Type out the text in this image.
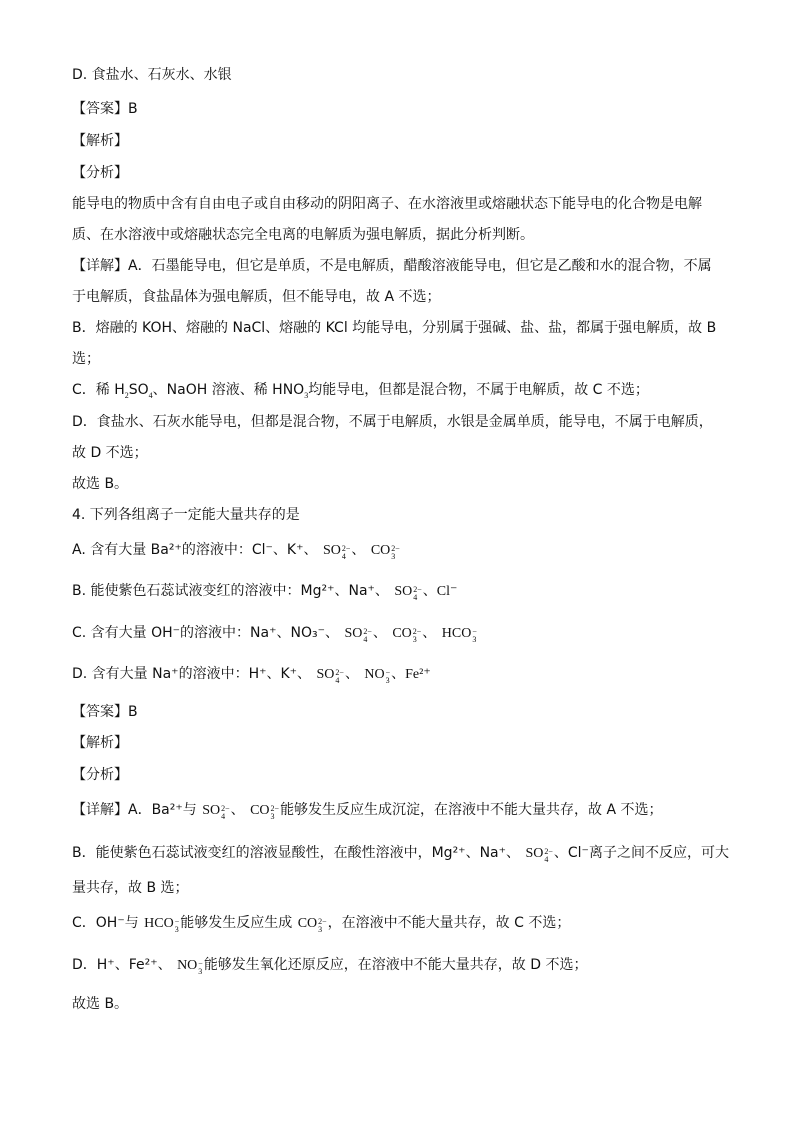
D. 食盐水、石灰水、水银
【答案】B
【解析】
【分析】
能导电的物质中含有自由电子或自由移动的阴阳离子、在水溶液里或熔融状态下能导电的化合物是电解
质、在水溶液中或熔融状态完全电离的电解质为强电解质，据此分析判断。
【详解】A．石墨能导电，但它是单质，不是电解质，醋酸溶液能导电，但它是乙酸和水的混合物，不属
于电解质，食盐晶体为强电解质，但不能导电，故 A 不选；
B．熔融的 KOH、熔融的 NaCl、熔融的 KCl 均能导电，分别属于强碱、盐、盐，都属于强电解质，故 B
选；
C．稀 $H_2SO_4$、NaOH 溶液、稀 $HNO_3$均能导电，但都是混合物，不属于电解质，故 C 不选；
D．食盐水、石灰水能导电，但都是混合物，不属于电解质，水银是金属单质，能导电，不属于电解质，
故 D 不选；
故选 B。
4. 下列各组离子一定能大量共存的是
A. 含有大量 Ba²⁺的溶液中：Cl⁻、K⁺、 SO 2−
4 、 CO 2−
3
B. 能使紫色石蕊试液变红的溶液中：Mg²⁺、Na⁺、 SO 2−
4 、Cl⁻
C. 含有大量 OH⁻的溶液中：Na⁺、NO₃⁻、 SO 2−
4 、 CO 2−
3 、 HCO −
3
D. 含有大量 Na⁺的溶液中：H⁺、K⁺、 SO 2−
4 、 NO −
3 、Fe²⁺
【答案】B
【解析】
【分析】
【详解】A．Ba²⁺与 SO 2−
4 、 CO 2−
3 能够发生反应生成沉淀，在溶液中不能大量共存，故 A 不选；
B．能使紫色石蕊试液变红的溶液显酸性，在酸性溶液中，Mg²⁺、Na⁺、 SO 2−
4 、Cl⁻离子之间不反应，可大
量共存，故 B 选；
C．OH⁻与 HCO −
3 能够发生反应生成 CO 2−
3 ，在溶液中不能大量共存，故 C 不选；
D．H⁺、Fe²⁺、 NO −
3 能够发生氧化还原反应，在溶液中不能大量共存，故 D 不选；
故选 B。
